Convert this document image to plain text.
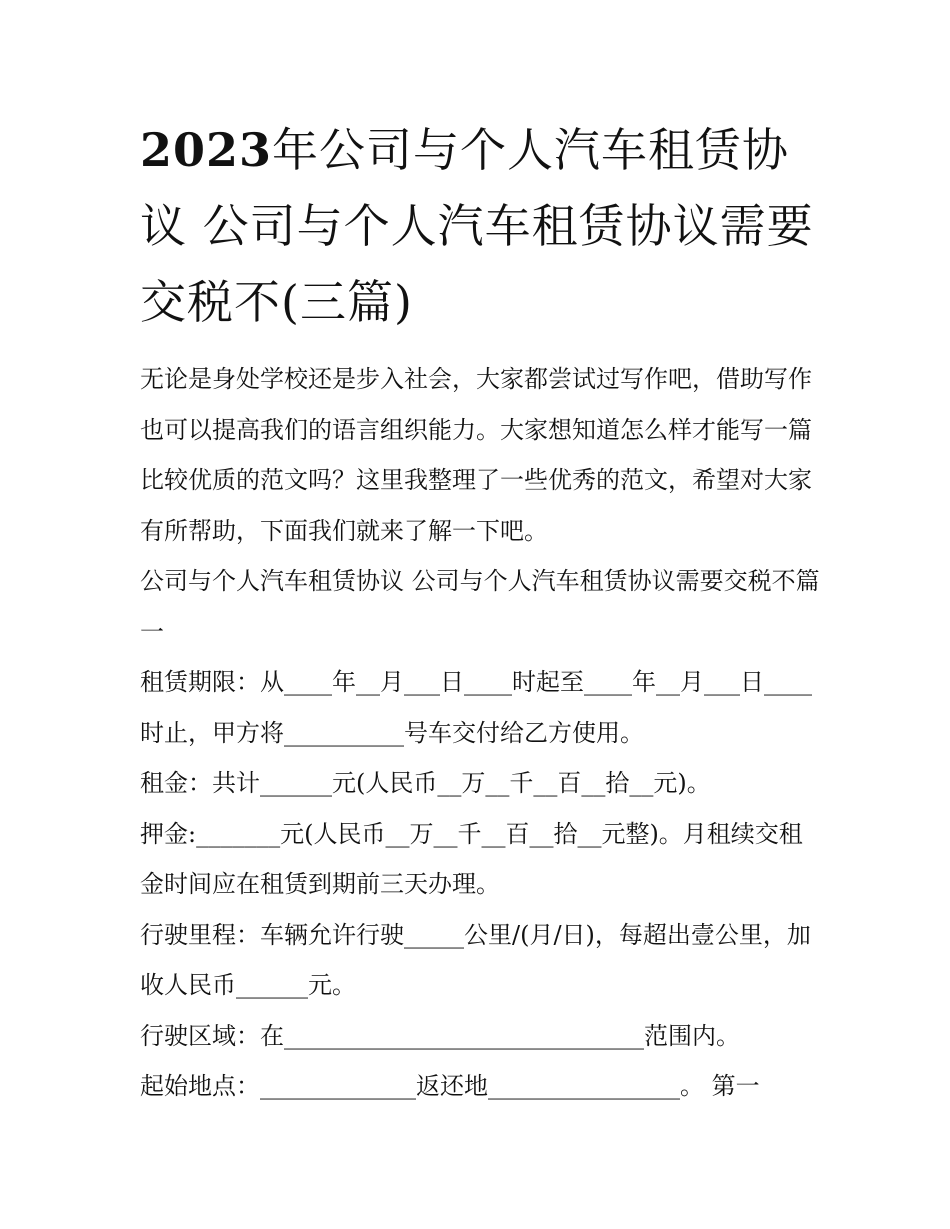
2023年公司与个人汽车租赁协议 公司与个人汽车租赁协议需要交税不(三篇)

无论是身处学校还是步入社会，大家都尝试过写作吧，借助写作也可以提高我们的语言组织能力。大家想知道怎么样才能写一篇比较优质的范文吗？这里我整理了一些优秀的范文，希望对大家有所帮助，下面我们就来了解一下吧。

公司与个人汽车租赁协议 公司与个人汽车租赁协议需要交税不篇一

租赁期限：从____年__月___日____时起至____年__月___日____时止，甲方将__________号车交付给乙方使用。

租金：共计______元(人民币__万__千__百__拾__元)。

押金:_______元(人民币__万__千__百__拾__元整)。月租续交租金时间应在租赁到期前三天办理。

行驶里程：车辆允许行驶_____公里/(月/日)，每超出壹公里，加收人民币______元。

行驶区域：在______________________________范围内。

起始地点：_____________返还地________________。 第一
